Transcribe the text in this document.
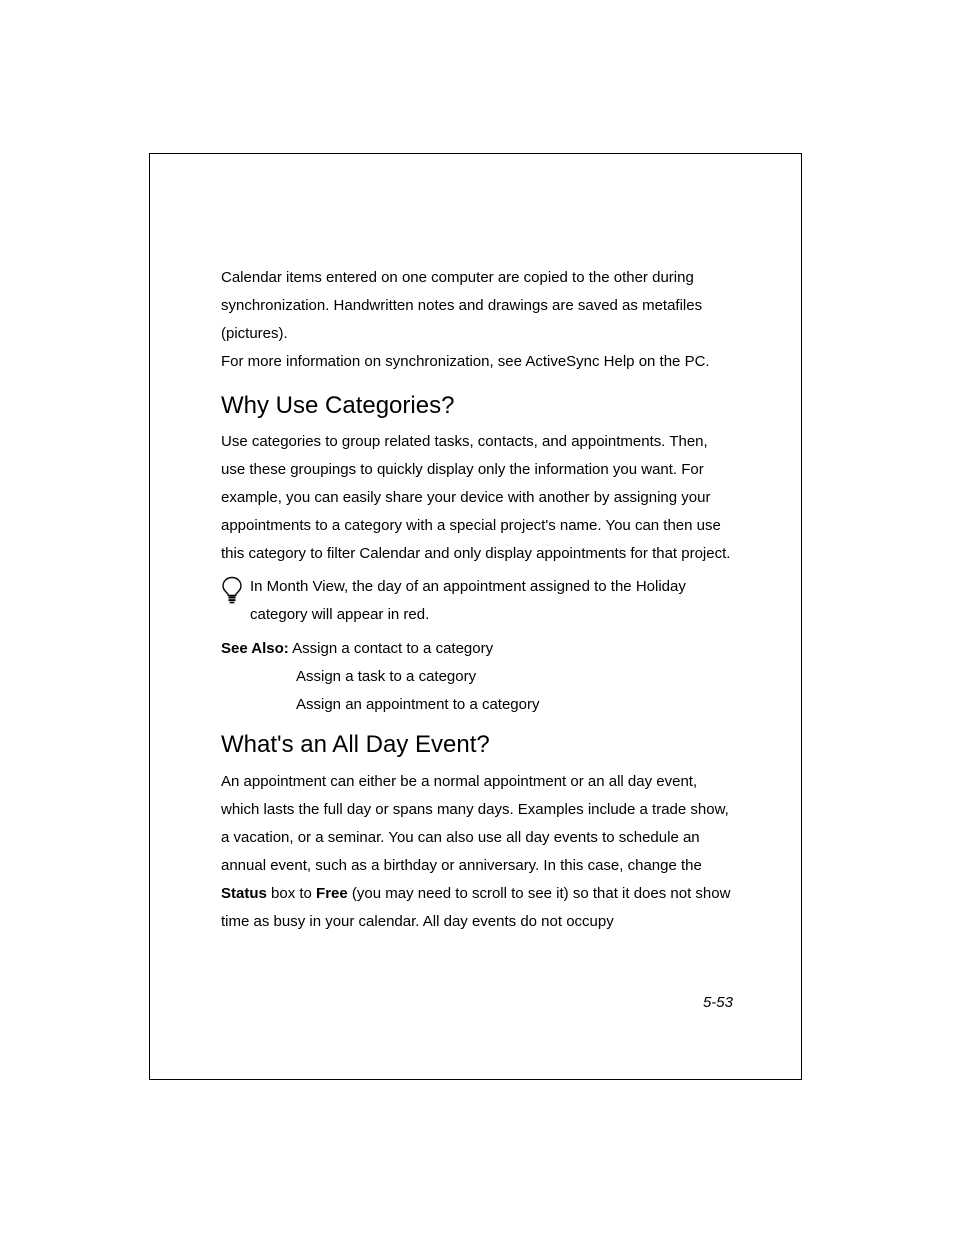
Calendar items entered on one computer are copied to the other during synchronization. Handwritten notes and drawings are saved as metafiles (pictures).

For more information on synchronization, see ActiveSync Help on the PC.

Why Use Categories?

Use categories to group related tasks, contacts, and appointments. Then, use these groupings to quickly display only the information you want. For example, you can easily share your device with another by assigning your appointments to a category with a special project's name. You can then use this category to filter Calendar and only display appointments for that project.

In Month View, the day of an appointment assigned to the Holiday category will appear in red.

See Also: Assign a contact to a category
Assign a task to a category
Assign an appointment to a category
What's an All Day Event?

An appointment can either be a normal appointment or an all day event, which lasts the full day or spans many days. Examples include a trade show, a vacation, or a seminar. You can also use all day events to schedule an annual event, such as a birthday or anniversary. In this case, change the Status box to Free (you may need to scroll to see it) so that it does not show time as busy in your calendar. All day events do not occupy

5-53
